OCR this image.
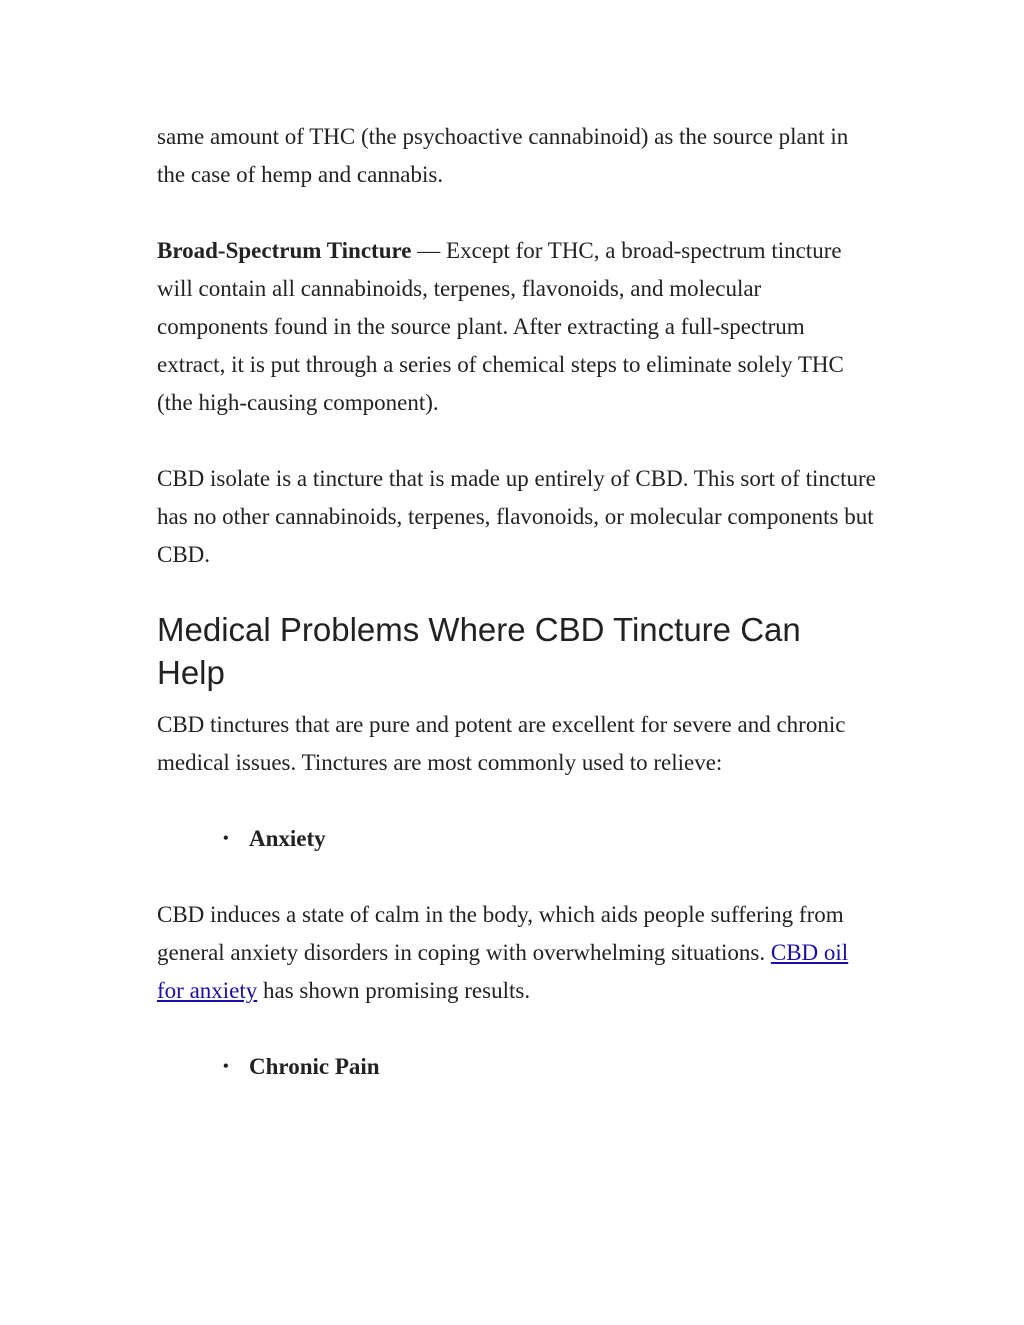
same amount of THC (the psychoactive cannabinoid) as the source plant in the case of hemp and cannabis.

Broad-Spectrum Tincture — Except for THC, a broad-spectrum tincture will contain all cannabinoids, terpenes, flavonoids, and molecular components found in the source plant. After extracting a full-spectrum extract, it is put through a series of chemical steps to eliminate solely THC (the high-causing component).

CBD isolate is a tincture that is made up entirely of CBD. This sort of tincture has no other cannabinoids, terpenes, flavonoids, or molecular components but CBD.

Medical Problems Where CBD Tincture Can Help

CBD tinctures that are pure and potent are excellent for severe and chronic medical issues. Tinctures are most commonly used to relieve:

• Anxiety

CBD induces a state of calm in the body, which aids people suffering from general anxiety disorders in coping with overwhelming situations. CBD oil for anxiety has shown promising results.

• Chronic Pain
